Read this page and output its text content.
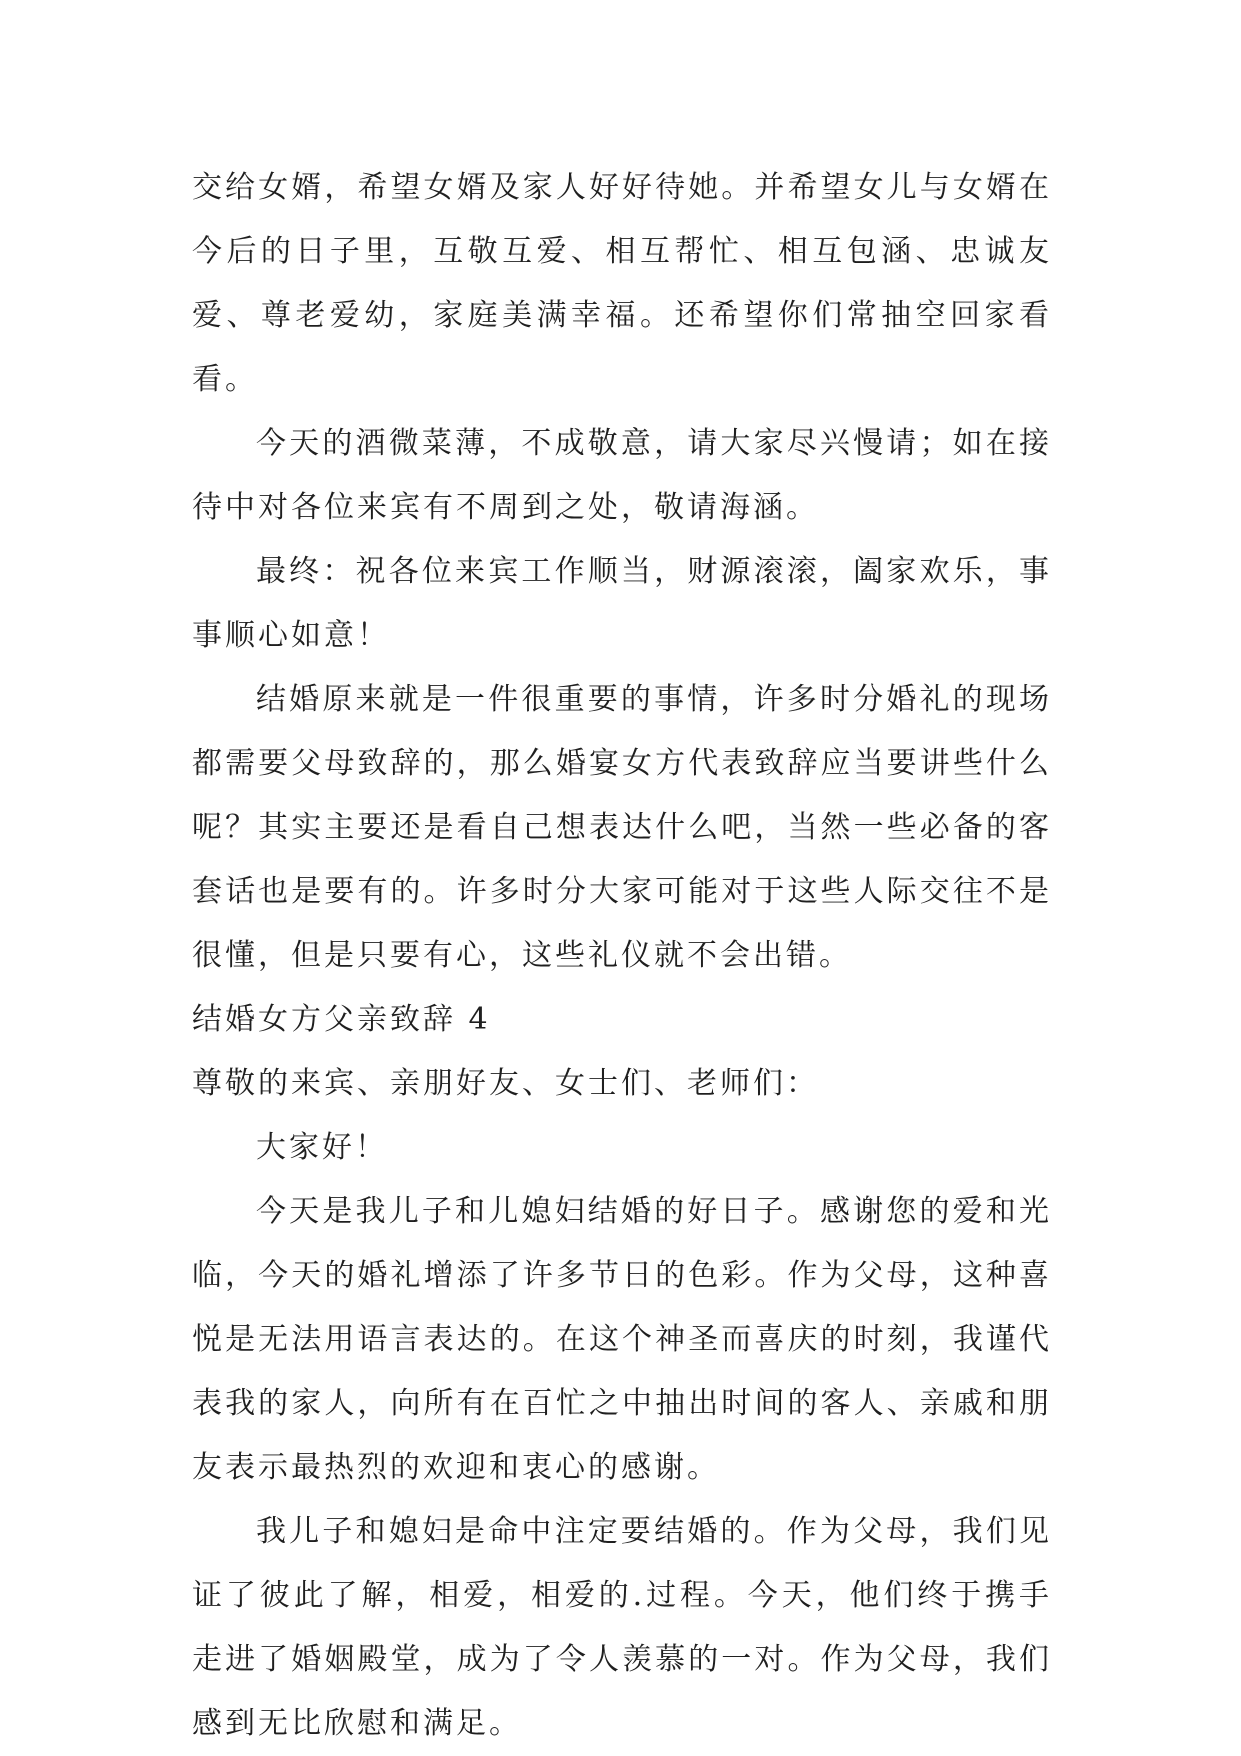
交给女婿，希望女婿及家人好好待她。并希望女儿与女婿在今后的日子里，互敬互爱、相互帮忙、相互包涵、忠诚友爱、尊老爱幼，家庭美满幸福。还希望你们常抽空回家看看。

今天的酒微菜薄，不成敬意，请大家尽兴慢请；如在接待中对各位来宾有不周到之处，敬请海涵。

最终：祝各位来宾工作顺当，财源滚滚，阖家欢乐，事事顺心如意！

结婚原来就是一件很重要的事情，许多时分婚礼的现场都需要父母致辞的，那么婚宴女方代表致辞应当要讲些什么呢？其实主要还是看自己想表达什么吧，当然一些必备的客套话也是要有的。许多时分大家可能对于这些人际交往不是很懂，但是只要有心，这些礼仪就不会出错。

结婚女方父亲致辞 4

尊敬的来宾、亲朋好友、女士们、老师们：

大家好！

今天是我儿子和儿媳妇结婚的好日子。感谢您的爱和光临，今天的婚礼增添了许多节日的色彩。作为父母，这种喜悦是无法用语言表达的。在这个神圣而喜庆的时刻，我谨代表我的家人，向所有在百忙之中抽出时间的客人、亲戚和朋友表示最热烈的欢迎和衷心的感谢。

我儿子和媳妇是命中注定要结婚的。作为父母，我们见证了彼此了解，相爱，相爱的.过程。今天，他们终于携手走进了婚姻殿堂，成为了令人羡慕的一对。作为父母，我们感到无比欣慰和满足。
